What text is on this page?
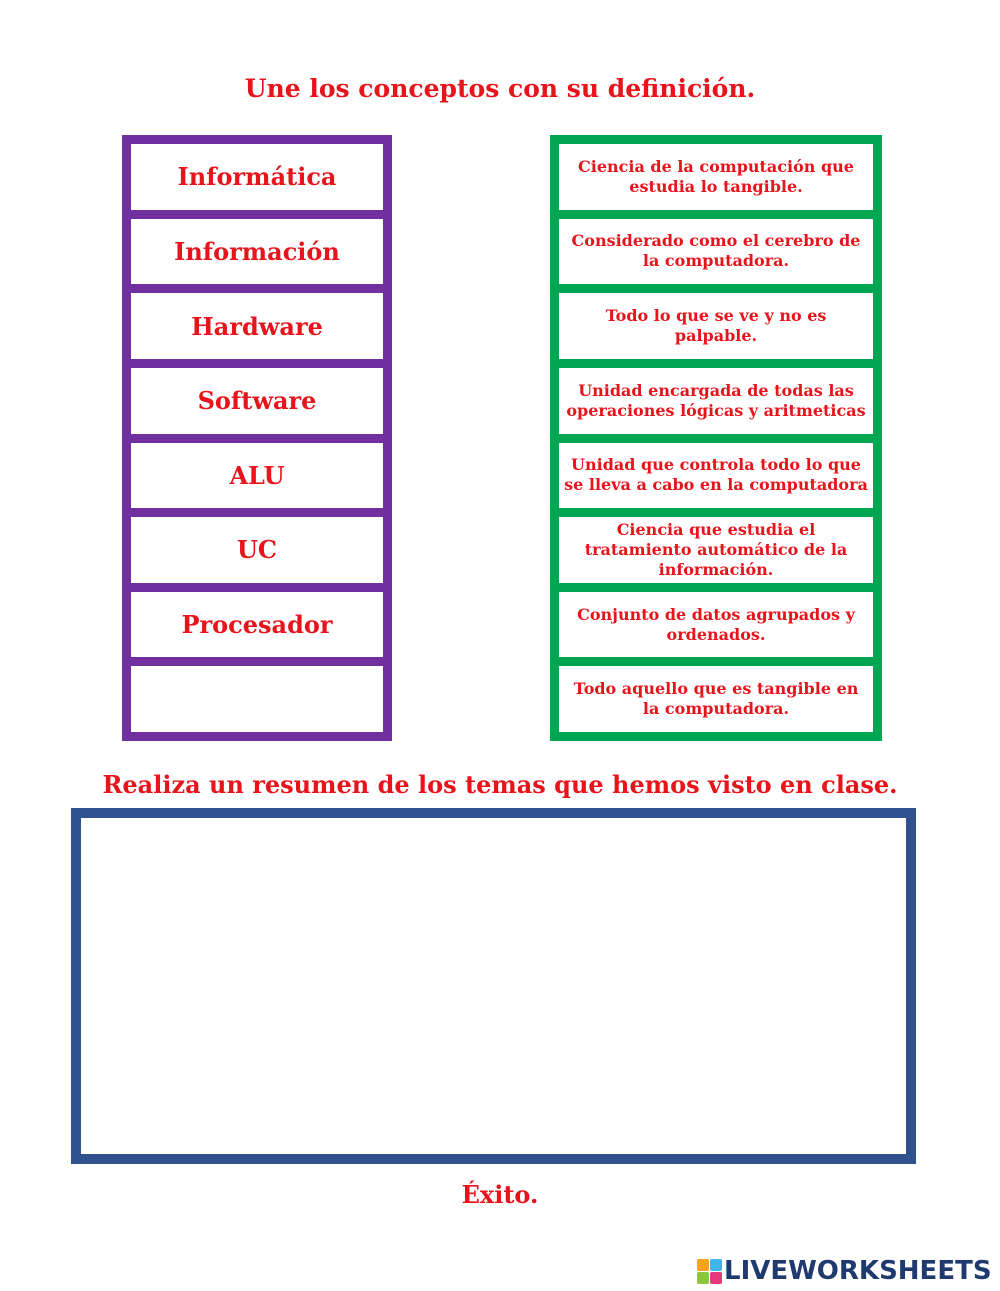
Une los conceptos con su definición.
Informática
Información
Hardware
Software
ALU
UC
Procesador
Ciencia de la computación que estudia lo tangible.
Considerado como el cerebro de la computadora.
Todo lo que se ve y no es palpable.
Unidad encargada de todas las operaciones lógicas y aritmeticas
Unidad que controla todo lo que se lleva a cabo en la computadora
Ciencia que estudia el tratamiento automático de la información.
Conjunto de datos agrupados y ordenados.
Todo aquello que es tangible en la computadora.
Realiza un resumen de los temas que hemos visto en clase.
Éxito.
LIVEWORKSHEETS
